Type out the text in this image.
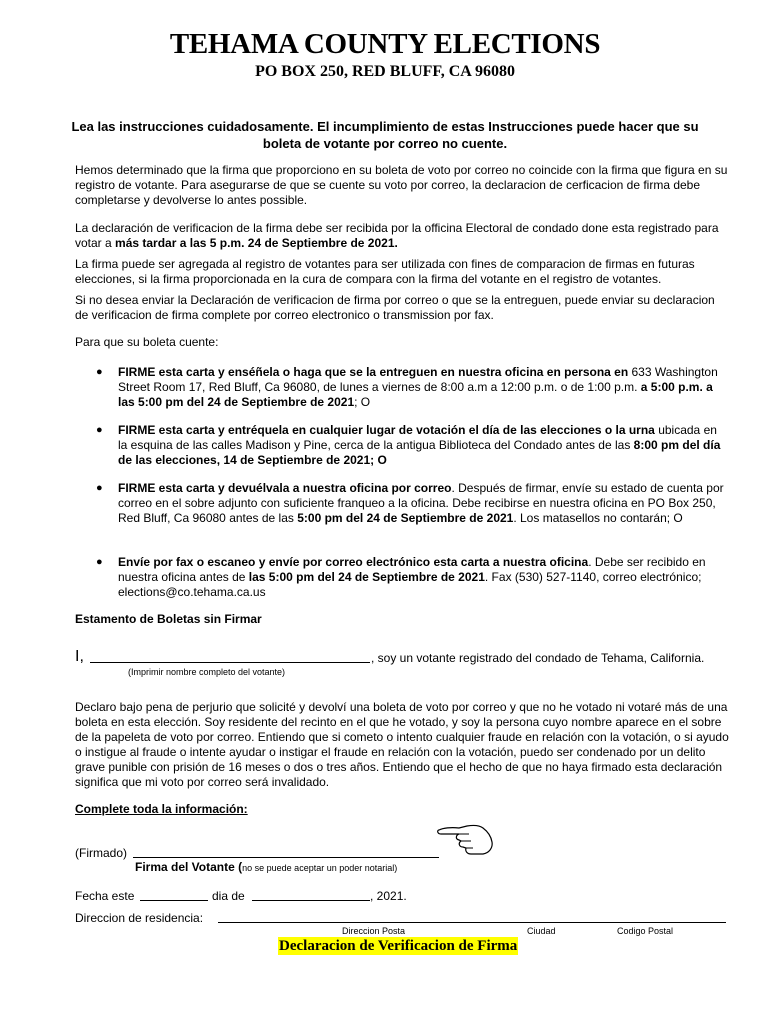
TEHAMA COUNTY ELECTIONS
PO BOX 250, RED BLUFF, CA 96080
Lea las instrucciones cuidadosamente. El incumplimiento de estas Instrucciones puede hacer que su boleta de votante por correo no cuente.
Hemos determinado que la firma que proporciono en su boleta de voto por correo no coincide con la firma que figura en su registro de votante. Para asegurarse de que se cuente su voto por correo, la declaracion de cerficacion de firma debe completarse y devolverse lo antes possible.
La declaración de verificacion de la firma debe ser recibida por la officina Electoral de condado done esta registrado para votar a más tardar a las 5 p.m. 24 de Septiembre de 2021.
La firma puede ser agregada al registro de votantes para ser utilizada con fines de comparacion de firmas en futuras elecciones, si la firma proporcionada en la cura de compara con la firma del votante en el registro de votantes.
Si no desea enviar la Declaración de verificacion de firma por correo o que se la entreguen, puede enviar su declaracion de verificacion de firma complete por correo electronico o transmission por fax.
Para que su boleta cuente:
● FIRME esta carta y enséñela o haga que se la entreguen en nuestra oficina en persona en 633 Washington Street Room 17, Red Bluff, Ca 96080, de lunes a viernes de 8:00 a.m a 12:00 p.m. o de 1:00 p.m. a 5:00 p.m. a las 5:00 pm del 24 de Septiembre de 2021; O
● FIRME esta carta y entréquela en cualquier lugar de votación el día de las elecciones o la urna ubicada en la esquina de las calles Madison y Pine, cerca de la antigua Biblioteca del Condado antes de las 8:00 pm del día de las elecciones, 14 de Septiembre de 2021; O
● FIRME esta carta y devuélvala a nuestra oficina por correo. Después de firmar, envíe su estado de cuenta por correo en el sobre adjunto con suficiente franqueo a la oficina. Debe recibirse en nuestra oficina en PO Box 250, Red Bluff, Ca 96080 antes de las 5:00 pm del 24 de Septiembre de 2021. Los matasellos no contarán; O
● Envíe por fax o escaneo y envíe por correo electrónico esta carta a nuestra oficina. Debe ser recibido en nuestra oficina antes de las 5:00 pm del 24 de Septiembre de 2021. Fax (530) 527-1140, correo electrónico; elections@co.tehama.ca.us
Estamento de Boletas sin Firmar
I,	, soy un votante registrado del condado de Tehama, California.
(Imprimir nombre completo del votante)
Declaro bajo pena de perjurio que solicité y devolví una boleta de voto por correo y que no he votado ni votaré más de una boleta en esta elección. Soy residente del recinto en el que he votado, y soy la persona cuyo nombre aparece en el sobre de la papeleta de voto por correo. Entiendo que si cometo o intento cualquier fraude en relación con la votación, o si ayudo o instigue al fraude o intente ayudar o instigar el fraude en relación con la votación, puedo ser condenado por un delito grave punible con prisión de 16 meses o dos o tres años. Entiendo que el hecho de que no haya firmado esta declaración significa que mi voto por correo será invalidado.
Complete toda la información:
(Firmado)
Firma del Votante (no se puede aceptar un poder notarial)
Fecha este	dia de	, 2021.
Direccion de residencia:
Direccion Posta	Ciudad	Codigo Postal
Declaracion de Verificacion de Firma
